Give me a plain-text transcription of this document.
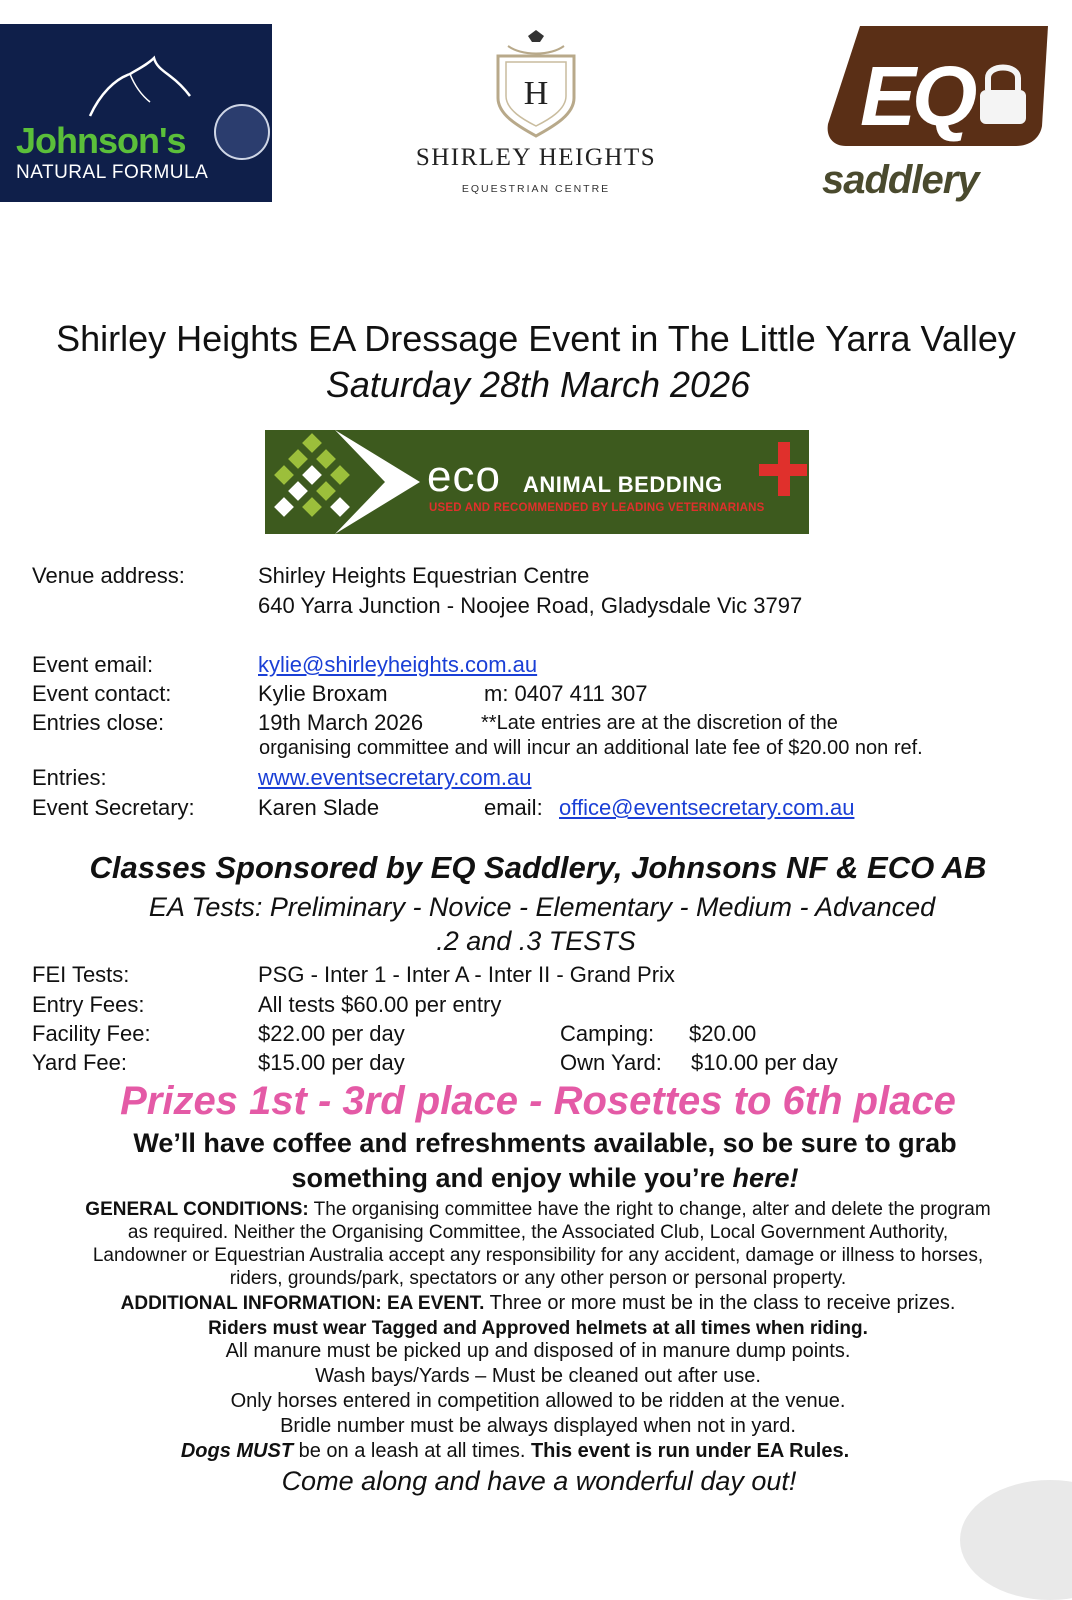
Johnson's
NATURAL FORMULA
H
SHIRLEY HEIGHTS
EQUESTRIAN CENTRE
EQ
saddlery
Shirley Heights EA Dressage Event in The Little Yarra Valley
Saturday 28th March 2026
eco ANIMAL BEDDING
USED AND RECOMMENDED BY LEADING VETERINARIANS
Venue address:	Shirley Heights Equestrian Centre
640 Yarra Junction - Noojee Road, Gladysdale Vic 3797
Event email:	kylie@shirleyheights.com.au
Event contact:	Kylie Broxam	m: 0407 411 307
Entries close:	19th March 2026	**Late entries are at the discretion of the
organising committee and will incur an additional late fee of $20.00 non ref.
Entries:	www.eventsecretary.com.au
Event Secretary:	Karen Slade	email: office@eventsecretary.com.au
Classes Sponsored by EQ Saddlery, Johnsons NF & ECO AB
EA Tests: Preliminary - Novice - Elementary - Medium - Advanced
.2 and .3 TESTS
FEI Tests:	PSG - Inter 1 - Inter A - Inter II - Grand Prix
Entry Fees:	All tests $60.00 per entry
Facility Fee:	$22.00 per day	Camping: $20.00
Yard Fee:	$15.00 per day	Own Yard: $10.00 per day
Prizes 1st - 3rd place - Rosettes to 6th place
We’ll have coffee and refreshments available, so be sure to grab
something and enjoy while you’re here!
GENERAL CONDITIONS: The organising committee have the right to change, alter and delete the program
as required. Neither the Organising Committee, the Associated Club, Local Government Authority,
Landowner or Equestrian Australia accept any responsibility for any accident, damage or illness to horses,
riders, grounds/park, spectators or any other person or personal property.
ADDITIONAL INFORMATION: EA EVENT. Three or more must be in the class to receive prizes.
Riders must wear Tagged and Approved helmets at all times when riding.
All manure must be picked up and disposed of in manure dump points.
Wash bays/Yards – Must be cleaned out after use.
Only horses entered in competition allowed to be ridden at the venue.
Bridle number must be always displayed when not in yard.
Dogs MUST be on a leash at all times. This event is run under EA Rules.
Come along and have a wonderful day out!
